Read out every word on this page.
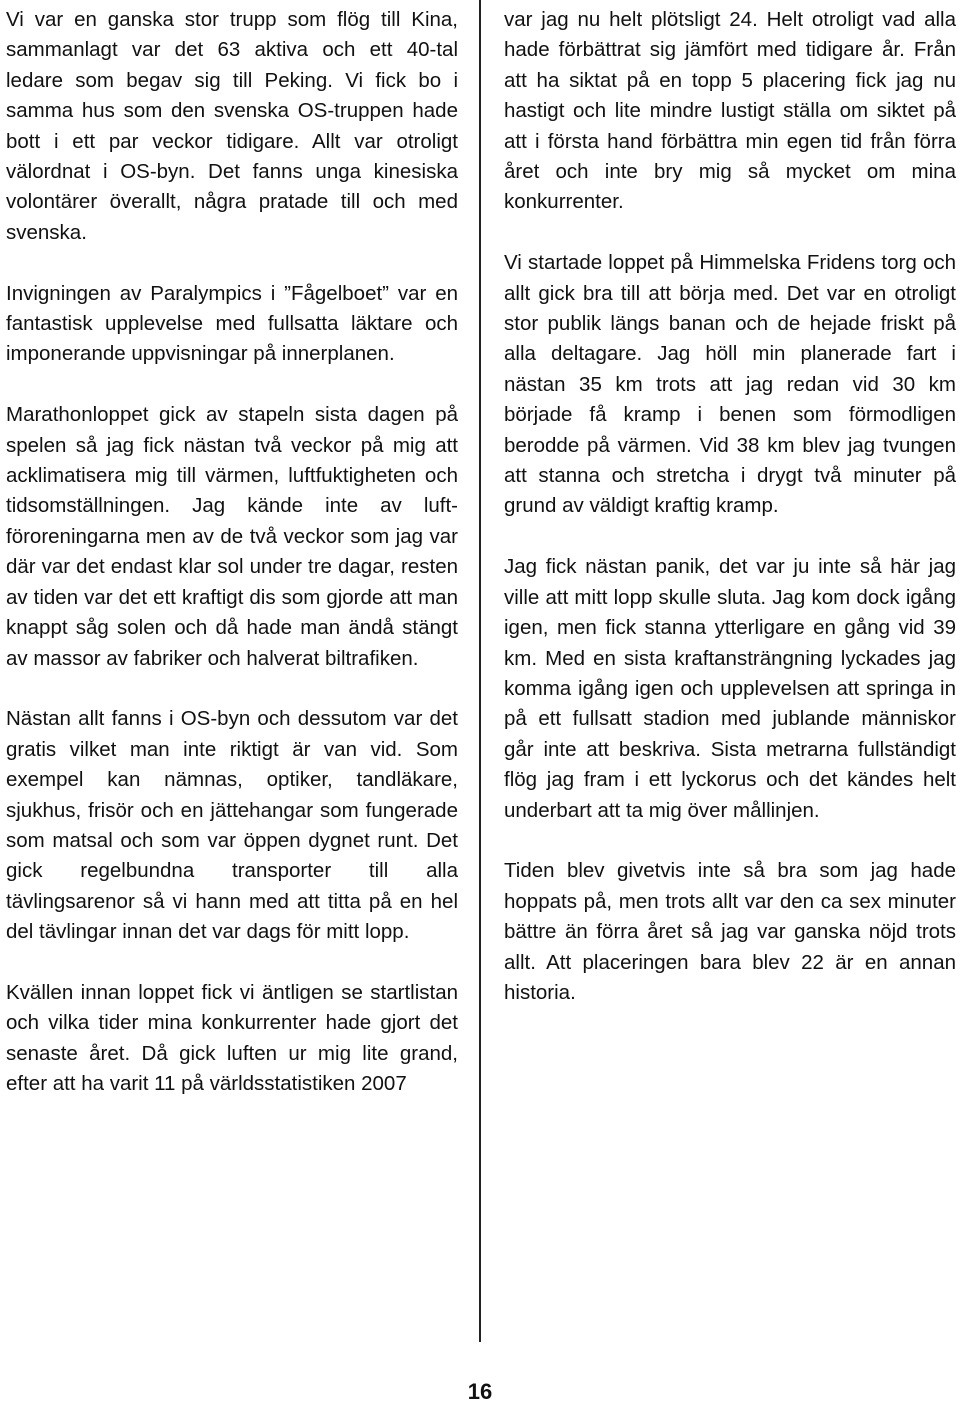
Vi var en ganska stor trupp som flög till Kina, sammanlagt var det 63 aktiva och ett 40-tal ledare som begav sig till Peking. Vi fick bo i samma hus som den svenska OS-truppen hade bott i ett par veckor tidigare. Allt var otroligt välordnat i OS-byn. Det fanns unga kinesiska volontärer överallt, några pratade till och med svenska.

Invigningen av Paralympics i ”Fågelboet” var en fantastisk upplevelse med fullsatta läktare och imponerande uppvisningar på innerplanen.

Marathonloppet gick av stapeln sista dagen på spelen så jag fick nästan två veckor på mig att acklimatisera mig till värmen, luftfuktigheten och tidsomställningen. Jag kände inte av luftföroreningarna men av de två veckor som jag var där var det endast klar sol under tre dagar, resten av tiden var det ett kraftigt dis som gjorde att man knappt såg solen och då hade man ändå stängt av massor av fabriker och halverat biltrafiken.

Nästan allt fanns i OS-byn och dessutom var det gratis vilket man inte riktigt är van vid. Som exempel kan nämnas, optiker, tandläkare, sjukhus, frisör och en jättehangar som fungerade som matsal och som var öppen dygnet runt. Det gick regelbundna transporter till alla tävlingsarenor så vi hann med att titta på en hel del tävlingar innan det var dags för mitt lopp.

Kvällen innan loppet fick vi äntligen se startlistan och vilka tider mina konkurrenter hade gjort det senaste året. Då gick luften ur mig lite grand, efter att ha varit 11 på världsstatistiken 2007

var jag nu helt plötsligt 24. Helt otroligt vad alla hade förbättrat sig jämfört med tidigare år. Från att ha siktat på en topp 5 placering fick jag nu hastigt och lite mindre lustigt ställa om siktet på att i första hand förbättra min egen tid från förra året och inte bry mig så mycket om mina konkurrenter.

Vi startade loppet på Himmelska Fridens torg och allt gick bra till att börja med. Det var en otroligt stor publik längs banan och de hejade friskt på alla deltagare. Jag höll min planerade fart i nästan 35 km trots att jag redan vid 30 km började få kramp i benen som förmodligen berodde på värmen. Vid 38 km blev jag tvungen att stanna och stretcha i drygt två minuter på grund av väldigt kraftig kramp.

Jag fick nästan panik, det var ju inte så här jag ville att mitt lopp skulle sluta. Jag kom dock igång igen, men fick stanna ytterligare en gång vid 39 km. Med en sista kraftansträngning lyckades jag komma igång igen och upplevelsen att springa in på ett fullsatt stadion med jublande människor går inte att beskriva. Sista metrarna fullständigt flög jag fram i ett lyckorus och det kändes helt underbart att ta mig över mållinjen.

Tiden blev givetvis inte så bra som jag hade hoppats på, men trots allt var den ca sex minuter bättre än förra året så jag var ganska nöjd trots allt. Att placeringen bara blev 22 är en annan historia.

16
